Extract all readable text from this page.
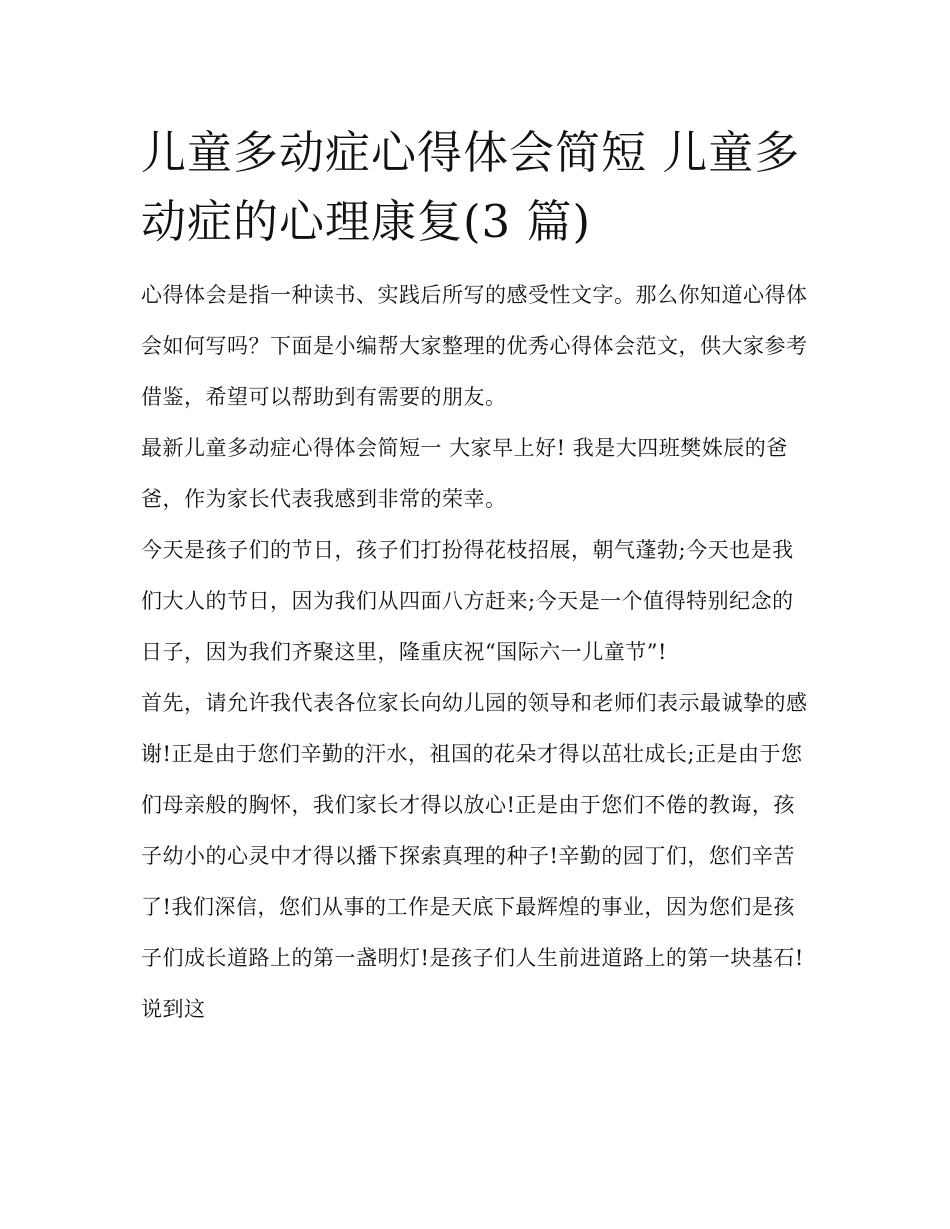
儿童多动症心得体会简短 儿童多动症的心理康复(3 篇)

心得体会是指一种读书、实践后所写的感受性文字。那么你知道心得体会如何写吗？下面是小编帮大家整理的优秀心得体会范文，供大家参考借鉴，希望可以帮助到有需要的朋友。

最新儿童多动症心得体会简短一 大家早上好! 我是大四班樊姝辰的爸爸，作为家长代表我感到非常的荣幸。

今天是孩子们的节日，孩子们打扮得花枝招展，朝气蓬勃;今天也是我们大人的节日，因为我们从四面八方赶来;今天是一个值得特别纪念的日子，因为我们齐聚这里，隆重庆祝“国际六一儿童节”!

首先，请允许我代表各位家长向幼儿园的领导和老师们表示最诚挚的感谢!正是由于您们辛勤的汗水，祖国的花朵才得以茁壮成长;正是由于您们母亲般的胸怀，我们家长才得以放心!正是由于您们不倦的教诲，孩子幼小的心灵中才得以播下探索真理的种子!辛勤的园丁们，您们辛苦了!我们深信，您们从事的工作是天底下最辉煌的事业，因为您们是孩子们成长道路上的第一盏明灯!是孩子们人生前进道路上的第一块基石!说到这
